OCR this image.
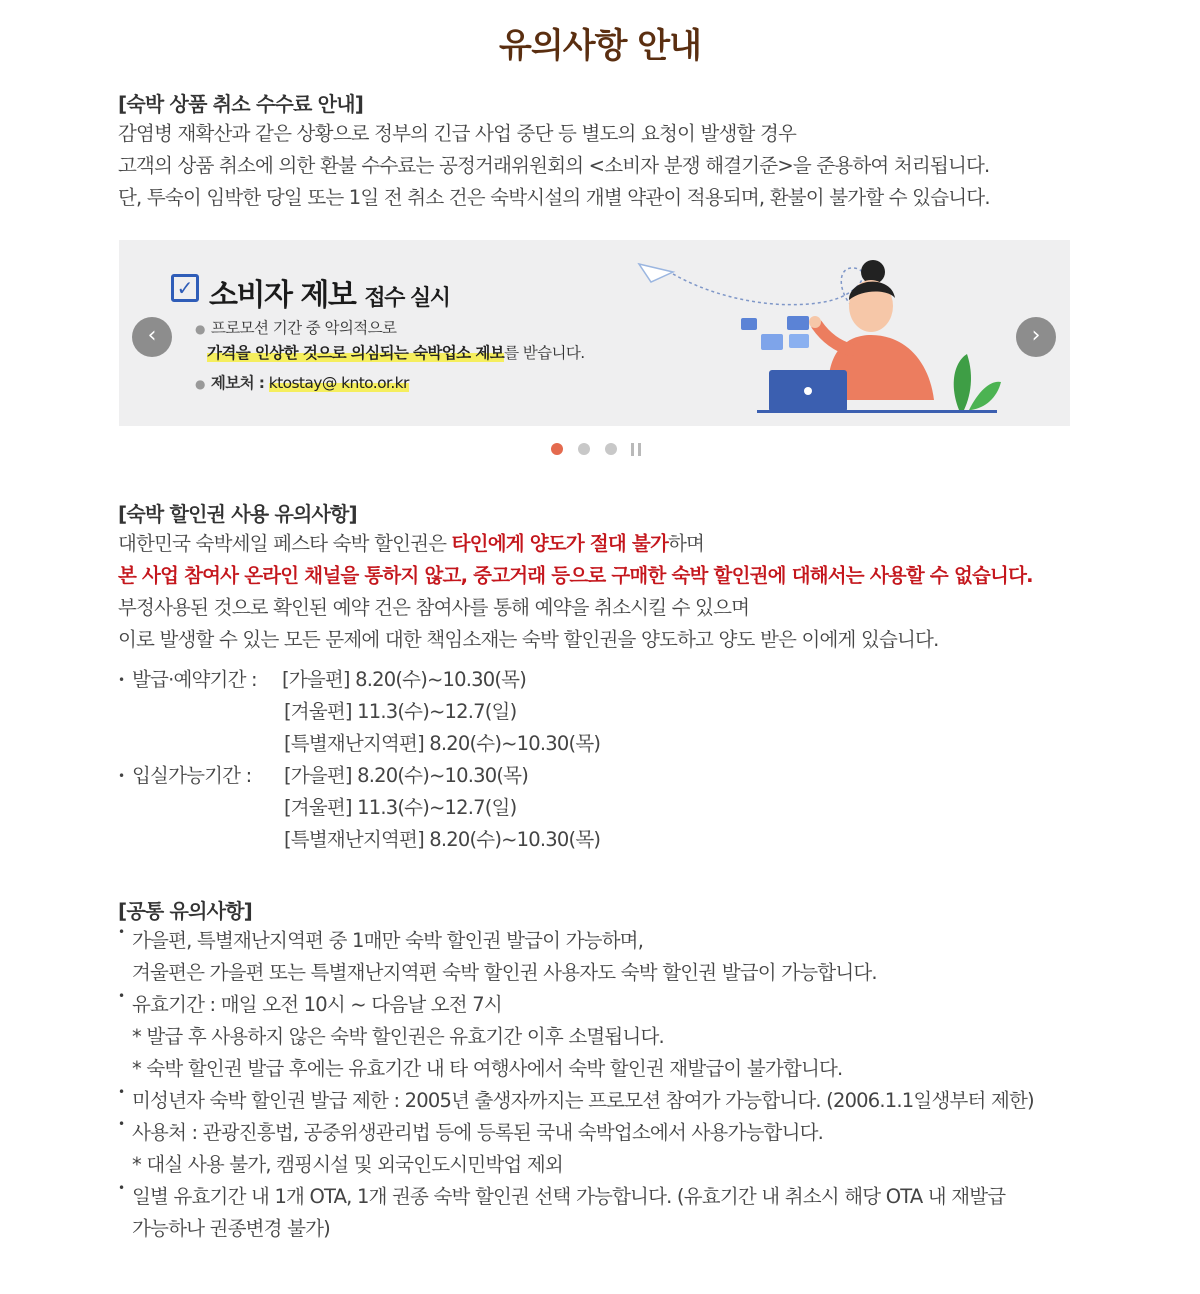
유의사항 안내
[숙박 상품 취소 수수료 안내]
감염병 재확산과 같은 상황으로 정부의 긴급 사업 중단 등 별도의 요청이 발생할 경우
고객의 상품 취소에 의한 환불 수수료는 공정거래위원회의 <소비자 분쟁 해결기준>을 준용하여 처리됩니다.
단, 투숙이 임박한 당일 또는 1일 전 취소 건은 숙박시설의 개별 약관이 적용되며, 환불이 불가할 수 있습니다.
‹
✓ 소비자 제보 접수 실시
● 프로모션 기간 중 악의적으로
가격을 인상한 것으로 의심되는 숙박업소 제보를 받습니다.
● 제보처 : ktostay@ knto.or.kr
›
[숙박 할인권 사용 유의사항]
대한민국 숙박세일 페스타 숙박 할인권은 타인에게 양도가 절대 불가하며
본 사업 참여사 온라인 채널을 통하지 않고, 중고거래 등으로 구매한 숙박 할인권에 대해서는 사용할 수 없습니다.
부정사용된 것으로 확인된 예약 건은 참여사를 통해 예약을 취소시킬 수 있으며
이로 발생할 수 있는 모든 문제에 대한 책임소재는 숙박 할인권을 양도하고 양도 받은 이에게 있습니다.
• 발급·예약기간 : [가을편] 8.20(수)~10.30(목)
[겨울편] 11.3(수)~12.7(일)
[특별재난지역편] 8.20(수)~10.30(목)
• 입실가능기간 : [가을편] 8.20(수)~10.30(목)
[겨울편] 11.3(수)~12.7(일)
[특별재난지역편] 8.20(수)~10.30(목)
[공통 유의사항]
• 가을편, 특별재난지역편 중 1매만 숙박 할인권 발급이 가능하며,
겨울편은 가을편 또는 특별재난지역편 숙박 할인권 사용자도 숙박 할인권 발급이 가능합니다.
• 유효기간 : 매일 오전 10시 ~ 다음날 오전 7시
* 발급 후 사용하지 않은 숙박 할인권은 유효기간 이후 소멸됩니다.
* 숙박 할인권 발급 후에는 유효기간 내 타 여행사에서 숙박 할인권 재발급이 불가합니다.
• 미성년자 숙박 할인권 발급 제한 : 2005년 출생자까지는 프로모션 참여가 가능합니다. (2006.1.1일생부터 제한)
• 사용처 : 관광진흥법, 공중위생관리법 등에 등록된 국내 숙박업소에서 사용가능합니다.
* 대실 사용 불가, 캠핑시설 및 외국인도시민박업 제외
• 일별 유효기간 내 1개 OTA, 1개 권종 숙박 할인권 선택 가능합니다. (유효기간 내 취소시 해당 OTA 내 재발급
가능하나 권종변경 불가)
